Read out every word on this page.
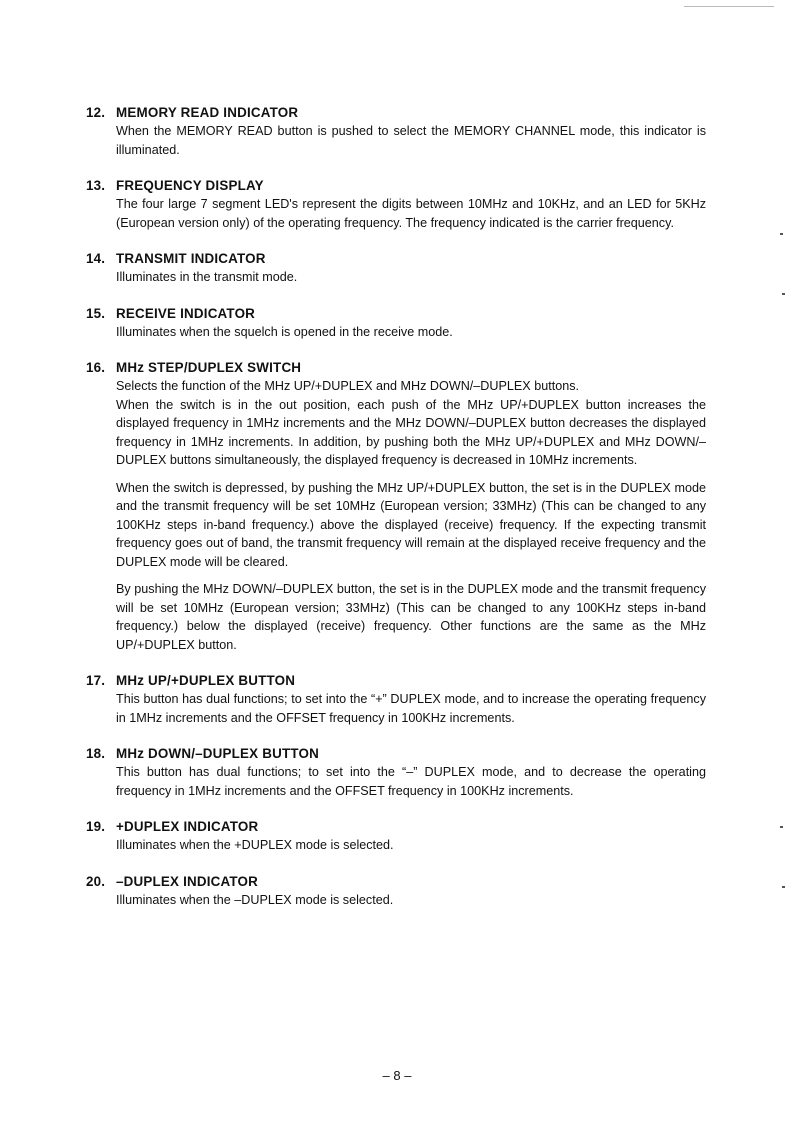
12. MEMORY READ INDICATOR

When the MEMORY READ button is pushed to select the MEMORY CHANNEL mode, this indicator is illuminated.

13. FREQUENCY DISPLAY

The four large 7 segment LED's represent the digits between 10MHz and 10KHz, and an LED for 5KHz (European version only) of the operating frequency. The frequency indicated is the carrier frequency.

14. TRANSMIT INDICATOR

Illuminates in the transmit mode.

15. RECEIVE INDICATOR

Illuminates when the squelch is opened in the receive mode.

16. MHz STEP/DUPLEX SWITCH

Selects the function of the MHz UP/+DUPLEX and MHz DOWN/–DUPLEX buttons.

When the switch is in the out position, each push of the MHz UP/+DUPLEX button increases the displayed frequency in 1MHz increments and the MHz DOWN/–DUPLEX button decreases the displayed frequency in 1MHz increments. In addition, by pushing both the MHz UP/+DUPLEX and MHz DOWN/–DUPLEX buttons simultaneously, the displayed frequency is decreased in 10MHz increments.

When the switch is depressed, by pushing the MHz UP/+DUPLEX button, the set is in the DUPLEX mode and the transmit frequency will be set 10MHz (European version; 33MHz) (This can be changed to any 100KHz steps in-band frequency.) above the displayed (receive) frequency. If the expecting transmit frequency goes out of band, the transmit frequency will remain at the displayed receive frequency and the DUPLEX mode will be cleared.

By pushing the MHz DOWN/–DUPLEX button, the set is in the DUPLEX mode and the transmit frequency will be set 10MHz (European version; 33MHz) (This can be changed to any 100KHz steps in-band frequency.) below the displayed (receive) frequency. Other functions are the same as the MHz UP/+DUPLEX button.

17. MHz UP/+DUPLEX BUTTON

This button has dual functions; to set into the “+” DUPLEX mode, and to increase the operating frequency in 1MHz increments and the OFFSET frequency in 100KHz increments.

18. MHz DOWN/–DUPLEX BUTTON

This button has dual functions; to set into the “–” DUPLEX mode, and to decrease the operating frequency in 1MHz increments and the OFFSET frequency in 100KHz increments.

19. +DUPLEX INDICATOR

Illuminates when the +DUPLEX mode is selected.

20. –DUPLEX INDICATOR

Illuminates when the –DUPLEX mode is selected.

– 8 –
